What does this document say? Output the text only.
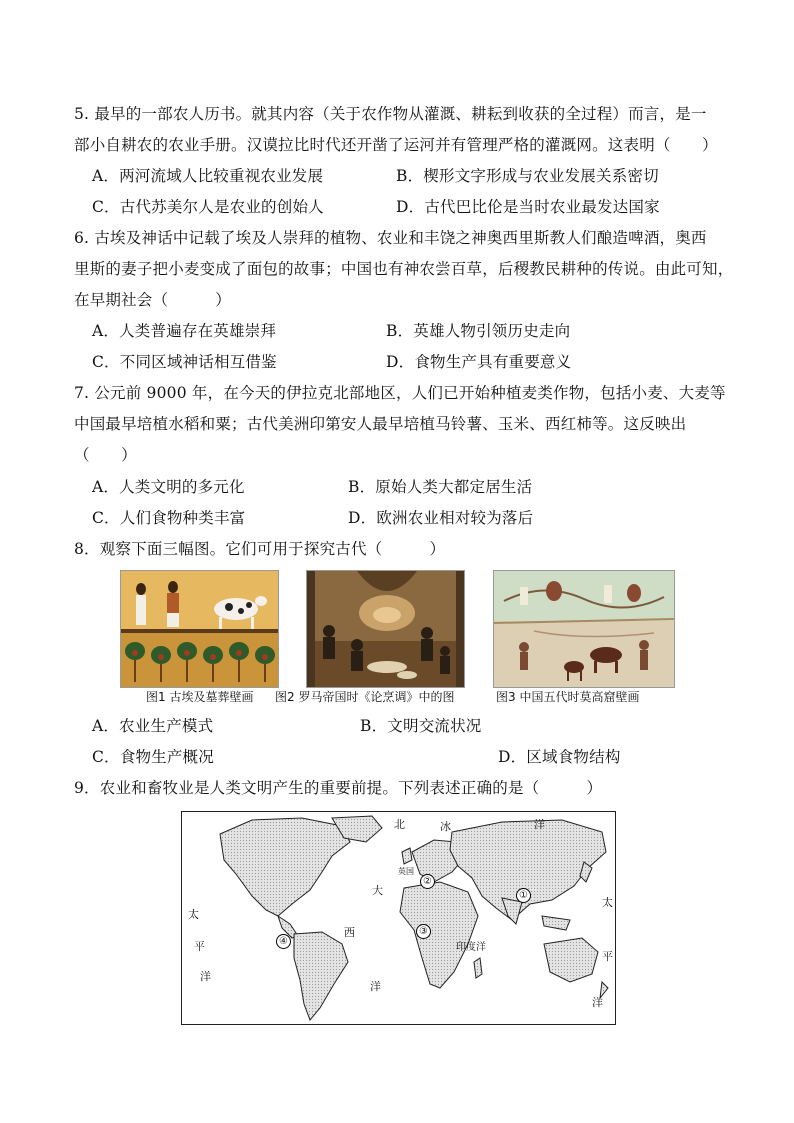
5. 最早的一部农人历书。就其内容（关于农作物从灌溉、耕耘到收获的全过程）而言，是一
部小自耕农的农业手册。汉谟拉比时代还开凿了运河并有管理严格的灌溉网。这表明（　　）
A．两河流域人比较重视农业发展	B．楔形文字形成与农业发展关系密切
C．古代苏美尔人是农业的创始人	D．古代巴比伦是当时农业最发达国家
6. 古埃及神话中记载了埃及人崇拜的植物、农业和丰饶之神奥西里斯教人们酿造啤酒，奥西
里斯的妻子把小麦变成了面包的故事；中国也有神农尝百草，后稷教民耕种的传说。由此可知，
在早期社会（　　　）
A．人类普遍存在英雄崇拜	B．英雄人物引领历史走向
C．不同区域神话相互借鉴	D．食物生产具有重要意义
7. 公元前 9000 年，在今天的伊拉克北部地区，人们已开始种植麦类作物，包括小麦、大麦等
中国最早培植水稻和粟；古代美洲印第安人最早培植马铃薯、玉米、西红柿等。这反映出
（　　）
A．人类文明的多元化	B．原始人类大都定居生活
C．人们食物种类丰富	D．欧洲农业相对较为落后
8．观察下面三幅图。它们可用于探究古代（　　　）
图1 古埃及墓葬壁画 图2 罗马帝国时《论烹调》中的图	图3 中国五代时莫高窟壁画
A．农业生产模式	B．文明交流状况
C．食物生产概况	D．区域食物结构
9．农业和畜牧业是人类文明产生的重要前提。下列表述正确的是（　　　）
北	冰	洋
英国
大
西
洋
印度洋
太
平
洋
太
平
洋
①
②
③
④
